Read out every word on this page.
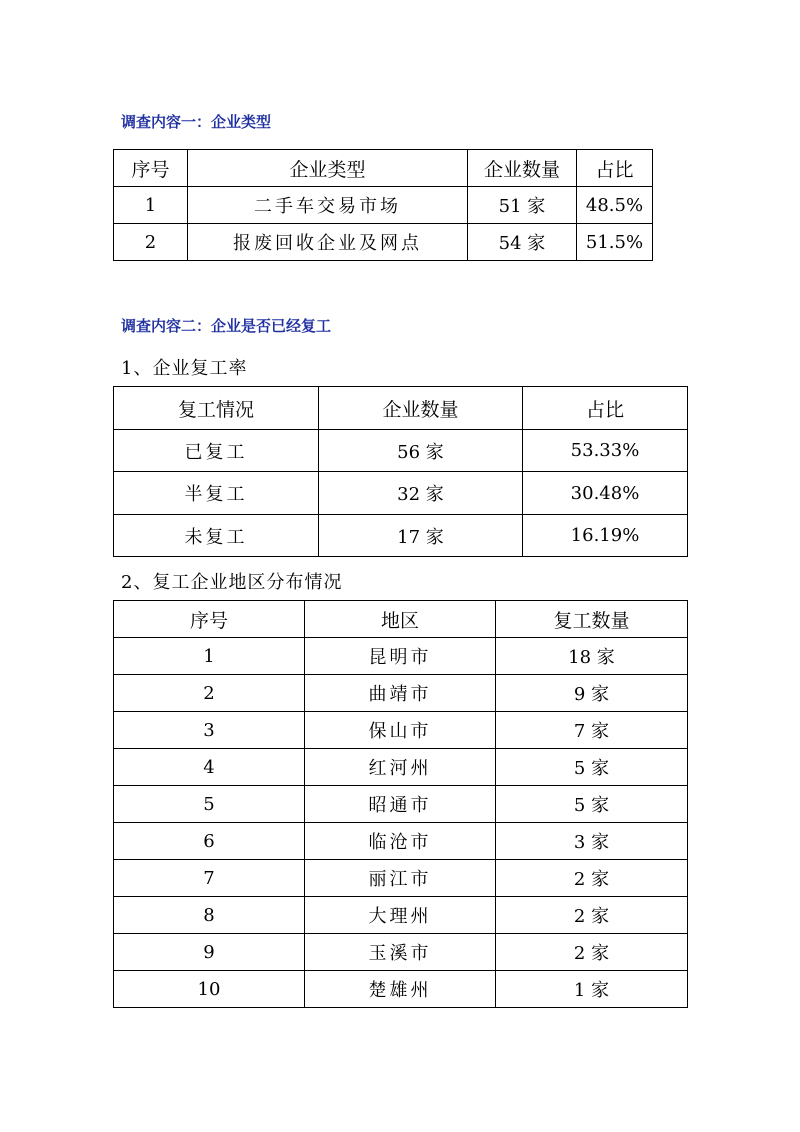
调查内容一：企业类型
序号	企业类型	企业数量	占比
1	二手车交易市场	51 家	48.5%
2	报废回收企业及网点	54 家	51.5%
调查内容二：企业是否已经复工
1、企业复工率
复工情况	企业数量	占比
已复工	56 家	53.33%
半复工	32 家	30.48%
未复工	17 家	16.19%
2、复工企业地区分布情况
序号	地区	复工数量
1	昆明市	18 家
2	曲靖市	9 家
3	保山市	7 家
4	红河州	5 家
5	昭通市	5 家
6	临沧市	3 家
7	丽江市	2 家
8	大理州	2 家
9	玉溪市	2 家
10	楚雄州	1 家
